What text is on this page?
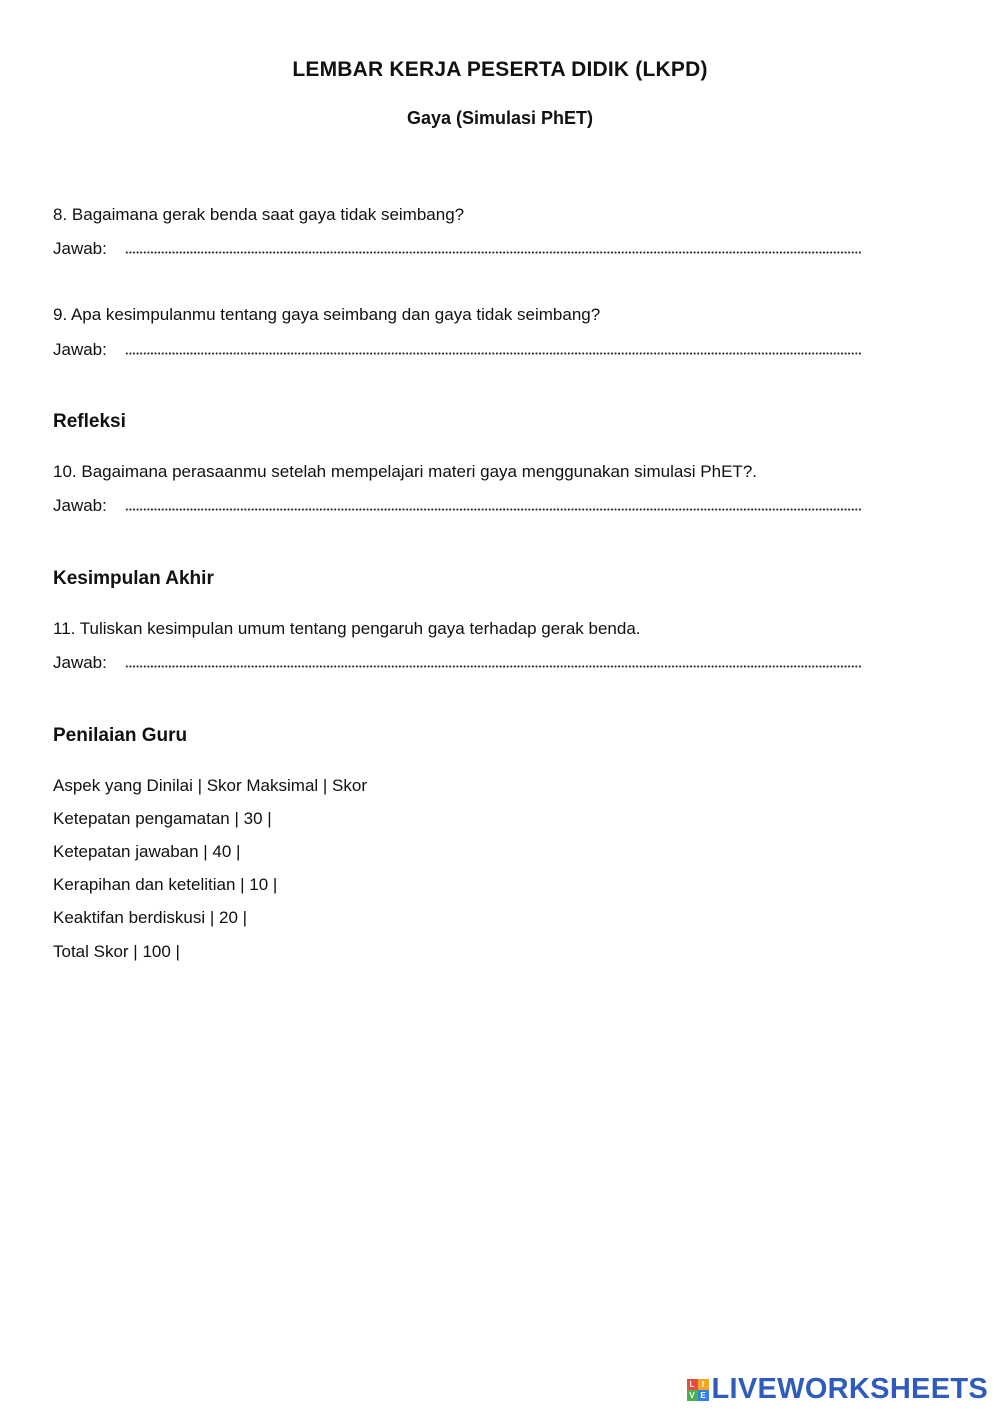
LEMBAR KERJA PESERTA DIDIK (LKPD)
Gaya (Simulasi PhET)
8. Bagaimana gerak benda saat gaya tidak seimbang?
Jawab:
9. Apa kesimpulanmu tentang gaya seimbang dan gaya tidak seimbang?
Jawab:
Refleksi
10. Bagaimana perasaanmu setelah mempelajari materi gaya menggunakan simulasi PhET?.
Jawab:
Kesimpulan Akhir
11. Tuliskan kesimpulan umum tentang pengaruh gaya terhadap gerak benda.
Jawab:
Penilaian Guru
Aspek yang Dinilai | Skor Maksimal | Skor
Ketepatan pengamatan | 30 |
Ketepatan jawaban | 40 |
Kerapihan dan ketelitian | 10 |
Keaktifan berdiskusi | 20 |
Total Skor | 100 |
L I
V E LIVEWORKSHEETS
